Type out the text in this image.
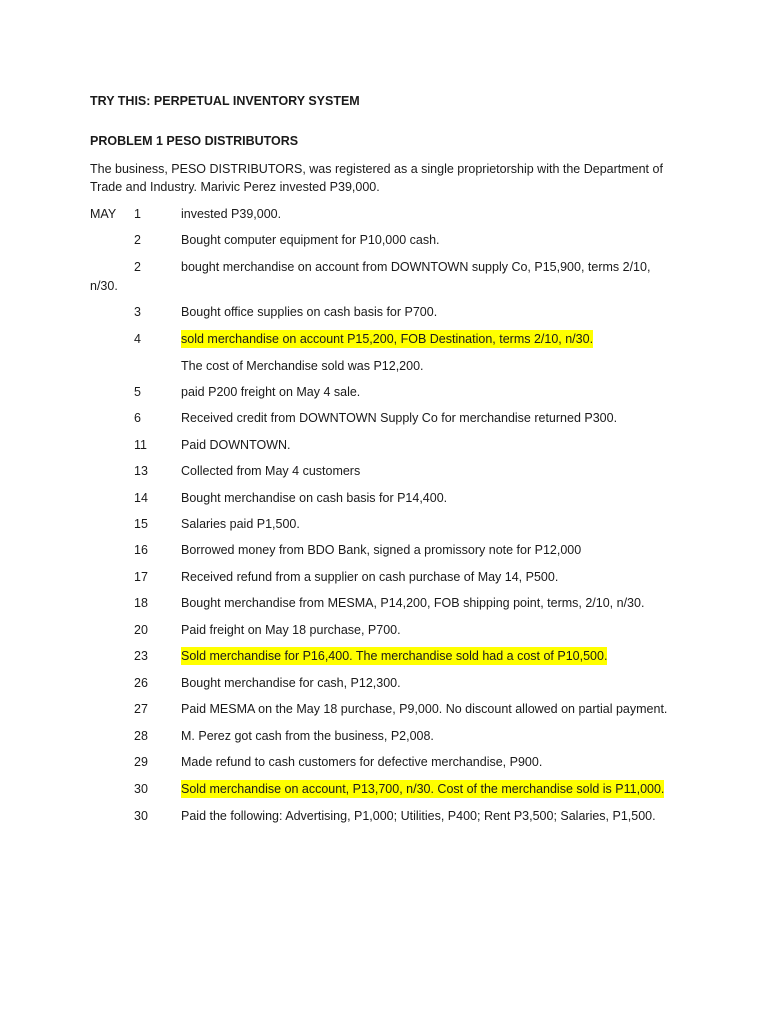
TRY THIS: PERPETUAL INVENTORY SYSTEM
PROBLEM 1 PESO DISTRIBUTORS
The business, PESO DISTRIBUTORS, was registered as a single proprietorship with the Department of
Trade and Industry. Marivic Perez invested P39,000.
MAY 1	invested P39,000.
2	Bought computer equipment for P10,000 cash.
2	bought merchandise on account from DOWNTOWN supply Co, P15,900, terms 2/10,
n/30.
3	Bought office supplies on cash basis for P700.
4	sold merchandise on account P15,200, FOB Destination, terms 2/10, n/30.
The cost of Merchandise sold was P12,200.
5	paid P200 freight on May 4 sale.
6	Received credit from DOWNTOWN Supply Co for merchandise returned P300.
11	Paid DOWNTOWN.
13	Collected from May 4 customers
14	Bought merchandise on cash basis for P14,400.
15	Salaries paid P1,500.
16	Borrowed money from BDO Bank, signed a promissory note for P12,000
17	Received refund from a supplier on cash purchase of May 14, P500.
18	Bought merchandise from MESMA, P14,200, FOB shipping point, terms, 2/10, n/30.
20	Paid freight on May 18 purchase, P700.
23	Sold merchandise for P16,400. The merchandise sold had a cost of P10,500.
26	Bought merchandise for cash, P12,300.
27	Paid MESMA on the May 18 purchase, P9,000. No discount allowed on partial payment.
28	M. Perez got cash from the business, P2,008.
29	Made refund to cash customers for defective merchandise, P900.
30	Sold merchandise on account, P13,700, n/30. Cost of the merchandise sold is P11,000.
30	Paid the following: Advertising, P1,000; Utilities, P400; Rent P3,500; Salaries, P1,500.
